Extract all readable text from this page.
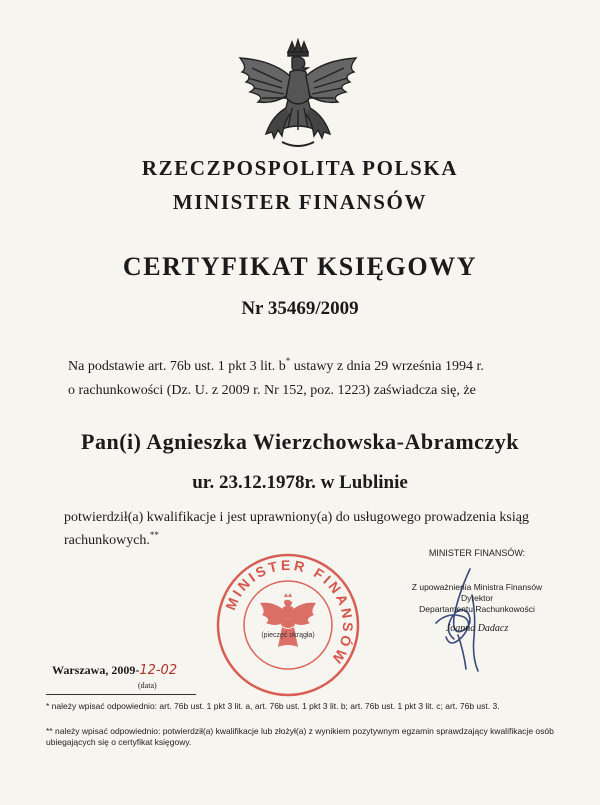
RZECZPOSPOLITA POLSKA
MINISTER FINANSÓW
CERTYFIKAT KSIĘGOWY
Nr 35469/2009
Na podstawie art. 76b ust. 1 pkt 3 lit. b* ustawy z dnia 29 września 1994 r.
o rachunkowości (Dz. U. z 2009 r. Nr 152, poz. 1223) zaświadcza się, że
Pan(i) Agnieszka Wierzchowska-Abramczyk
ur. 23.12.1978r. w Lublinie
potwierdził(a) kwalifikacje i jest uprawniony(a) do usługowego prowadzenia ksiąg
rachunkowych.**
MINISTER FINANSÓW
(pieczęć okrągła)
MINISTER FINANSÓW:
Z upoważnienia Ministra Finansów
Dyrektor
Departamentu Rachunkowości
Joanna Dadacz
Warszawa, 2009-12-02
(data)
* należy wpisać odpowiednio: art. 76b ust. 1 pkt 3 lit. a, art. 76b ust. 1 pkt 3 lit. b; art. 76b ust. 1 pkt 3 lit. c; art. 76b ust. 3.
** należy wpisać odpowiednio: potwierdził(a) kwalifikacje lub złożył(a) z wynikiem pozytywnym egzamin sprawdzający kwalifikacje osób ubiegających się o certyfikat księgowy.
